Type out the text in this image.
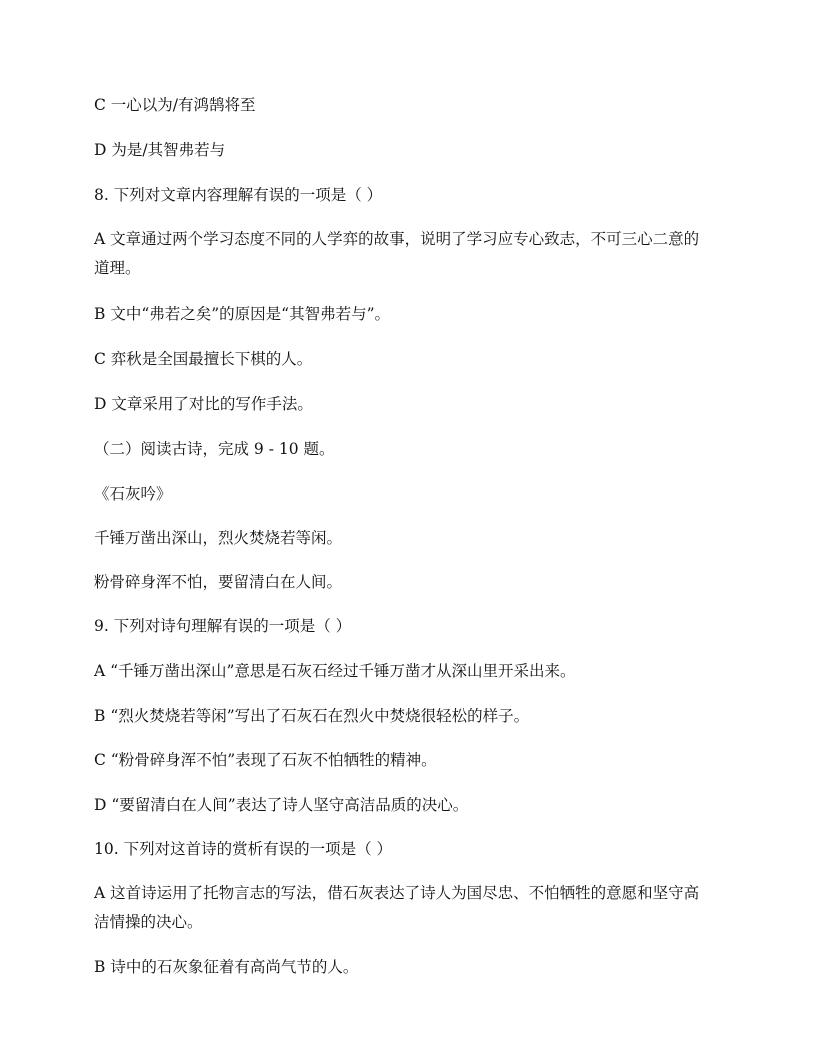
C 一心以为/有鸿鹄将至
D 为是/其智弗若与
8. 下列对文章内容理解有误的一项是（ ）
A 文章通过两个学习态度不同的人学弈的故事，说明了学习应专心致志，不可三心二意的
道理。
B 文中“弗若之矣”的原因是“其智弗若与”。
C 弈秋是全国最擅长下棋的人。
D 文章采用了对比的写作手法。
（二）阅读古诗，完成 9 - 10 题。
《石灰吟》
千锤万凿出深山，烈火焚烧若等闲。
粉骨碎身浑不怕，要留清白在人间。
9. 下列对诗句理解有误的一项是（ ）
A “千锤万凿出深山”意思是石灰石经过千锤万凿才从深山里开采出来。
B “烈火焚烧若等闲”写出了石灰石在烈火中焚烧很轻松的样子。
C “粉骨碎身浑不怕”表现了石灰不怕牺牲的精神。
D “要留清白在人间”表达了诗人坚守高洁品质的决心。
10. 下列对这首诗的赏析有误的一项是（ ）
A 这首诗运用了托物言志的写法，借石灰表达了诗人为国尽忠、不怕牺牲的意愿和坚守高
洁情操的决心。
B 诗中的石灰象征着有高尚气节的人。
